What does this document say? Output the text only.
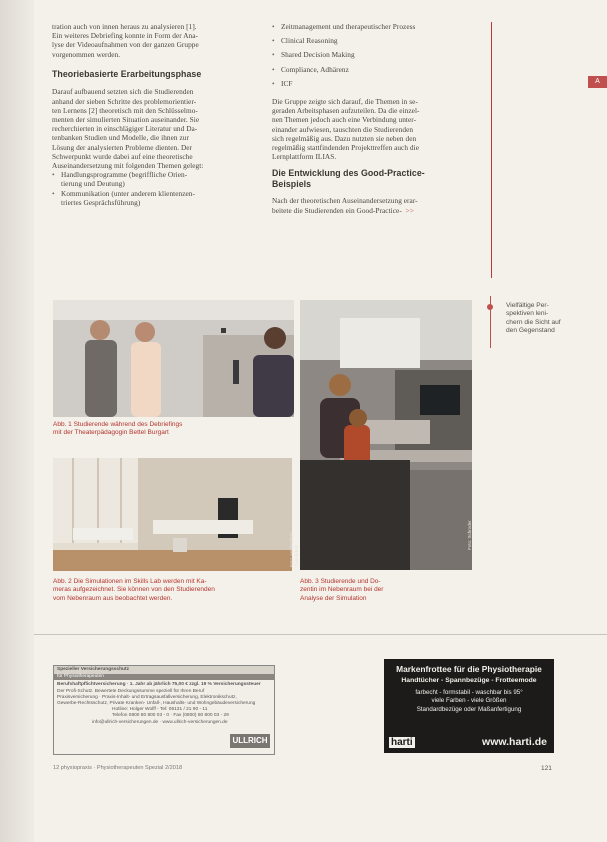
tration auch von innen heraus zu analysieren [1].

Ein weiteres Debriefing konnte in Form der Ana-

lyse der Videoaufnahmen von der ganzen Gruppe

vorgenommen werden.

Theoriebasierte Erarbeitungsphase

Darauf aufbauend setzten sich die Studierenden

anhand der sieben Schritte des problemorientier-

ten Lernens [2] theoretisch mit den Schlüsselmo-

menten der simulierten Situation auseinander. Sie

recherchierten in einschlägiger Literatur und Da-

tenbanken Studien und Modelle, die ihnen zur

Lösung der analysierten Probleme dienten. Der

Schwerpunkt wurde dabei auf eine theoretische

Auseinandersetzung mit folgenden Themen gelegt:

• Handlungsprogramme (begriffliche Orien-
tierung und Deutung)
• Kommunikation (unter anderem klientenzen-
triertes Gesprächsführung)
• Zeitmanagement und therapeutischer Prozess
• Clinical Reasoning
• Shared Decision Making
• Compliance, Adhärenz
• ICF

Die Gruppe zeigte sich darauf, die Themen in se-

geraden Arbeitsphasen aufzuteilen. Da die einzel-

nen Themen jedoch auch eine Verbindung unter-

einander aufwiesen, tauschten die Studierenden

sich regelmäßig aus. Dazu nutzten sie neben den

regelmäßig stattfindenden Projekttreffen auch die

Lernplattform ILIAS.

Die Entwicklung des Good-Practice-

Beispiels

Nach der theoretischen Auseinandersetzung erar-

beitete die Studierenden ein Good-Practice- >>

A
Vielfältige Per-
spektiven leni-
chern die Sicht auf
den Gegenstand
Abb. 1 Studierende während des Debriefings
mit der Theaterpädagogin Bettel Burgart
Foto: Hochschule Osnabrück
Abb. 2 Die Simulationen im Skills Lab werden mit Ka-
meras aufgezeichnet. Sie können von den Studierenden
vom Nebenraum aus beobachtet werden.
Foto: Schroder
Abb. 3 Studierende und Do-
zentin im Nebenraum bei der
Analyse der Simulation
Spezieller Versicherungsschutz
für Physiotherapeuten
Berufshaftpflichtversicherung · 1. Jahr ab jährlich 75,00 € zzgl. 19 % Versicherungssteuer
Der Profi-Schutz. Bewertete Deckungssumme speziell für Ihren Beruf
Praxisversicherung · Praxis-Inhalt- und Ertragsausfallversicherung, Elektronikschutz,
Gewerbe-Rechtsschutz, Private Kranken- Unfall-, Haushalts- und Wohngebäudeversicherung
Hotline: Holger Wolff - Tel: 06131 / 21 90 - 11
Telefon 0800 80 800 03 - 0 · Fax (0800) 80 800 03 - 29
info@ullrich-versicherungen.de · www.ullrich-versicherungen.de
ULLRICH
Markenfrottee für die Physiotherapie
Handtücher - Spannbezüge - Frotteemode
farbecht - formstabil - waschbar bis 95°
viele Farben - viele Größen
Standardbezüge oder Maßanfertigung
harti	www.harti.de
12 physiopraxis · Physiotherapeuten Spezial 2/2018	121
